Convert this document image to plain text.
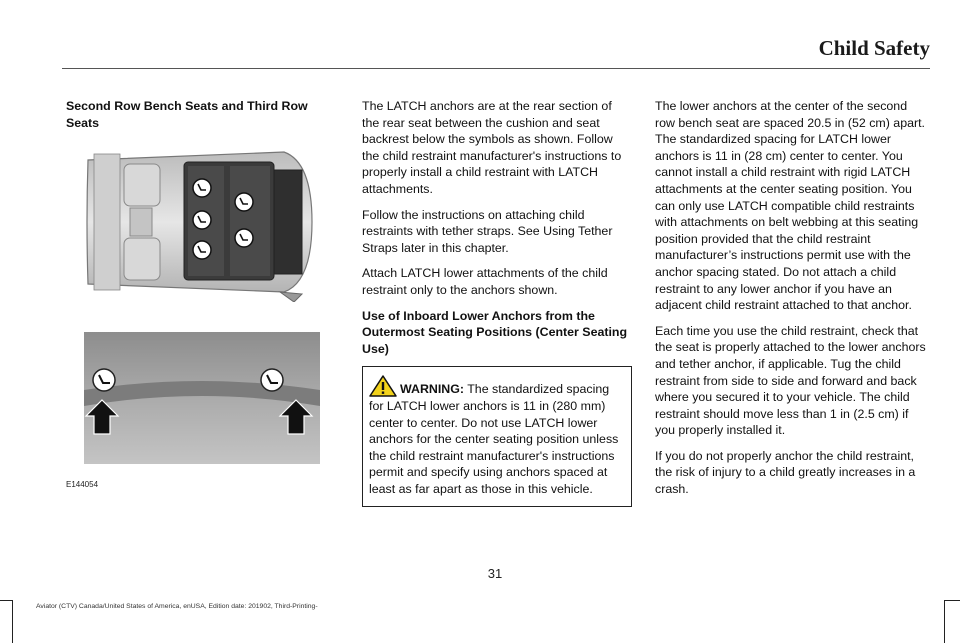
Child Safety
Second Row Bench Seats and Third Row Seats
E144054

The LATCH anchors are at the rear section of the rear seat between the cushion and seat backrest below the symbols as shown. Follow the child restraint manufacturer's instructions to properly install a child restraint with LATCH attachments.

Follow the instructions on attaching child restraints with tether straps. See Using Tether Straps later in this chapter.

Attach LATCH lower attachments of the child restraint only to the anchors shown.

Use of Inboard Lower Anchors from the Outermost Seating Positions (Center Seating Use)
WARNING: The standardized spacing for LATCH lower anchors is 11 in (280 mm) center to center. Do not use LATCH lower anchors for the center seating position unless the child restraint manufacturer's instructions permit and specify using anchors spaced at least as far apart as those in this vehicle.

The lower anchors at the center of the second row bench seat are spaced 20.5 in (52 cm) apart. The standardized spacing for LATCH lower anchors is 11 in (28 cm) center to center. You cannot install a child restraint with rigid LATCH attachments at the center seating position. You can only use LATCH compatible child restraints with attachments on belt webbing at this seating position provided that the child restraint manufacturer’s instructions permit use with the anchor spacing stated. Do not attach a child restraint to any lower anchor if you have an adjacent child restraint attached to that anchor.

Each time you use the child restraint, check that the seat is properly attached to the lower anchors and tether anchor, if applicable. Tug the child restraint from side to side and forward and back where you secured it to your vehicle. The child restraint should move less than 1 in (2.5 cm) if you properly installed it.

If you do not properly anchor the child restraint, the risk of injury to a child greatly increases in a crash.

31
Aviator (CTV) Canada/United States of America, enUSA, Edition date: 201902, Third-Printing-
